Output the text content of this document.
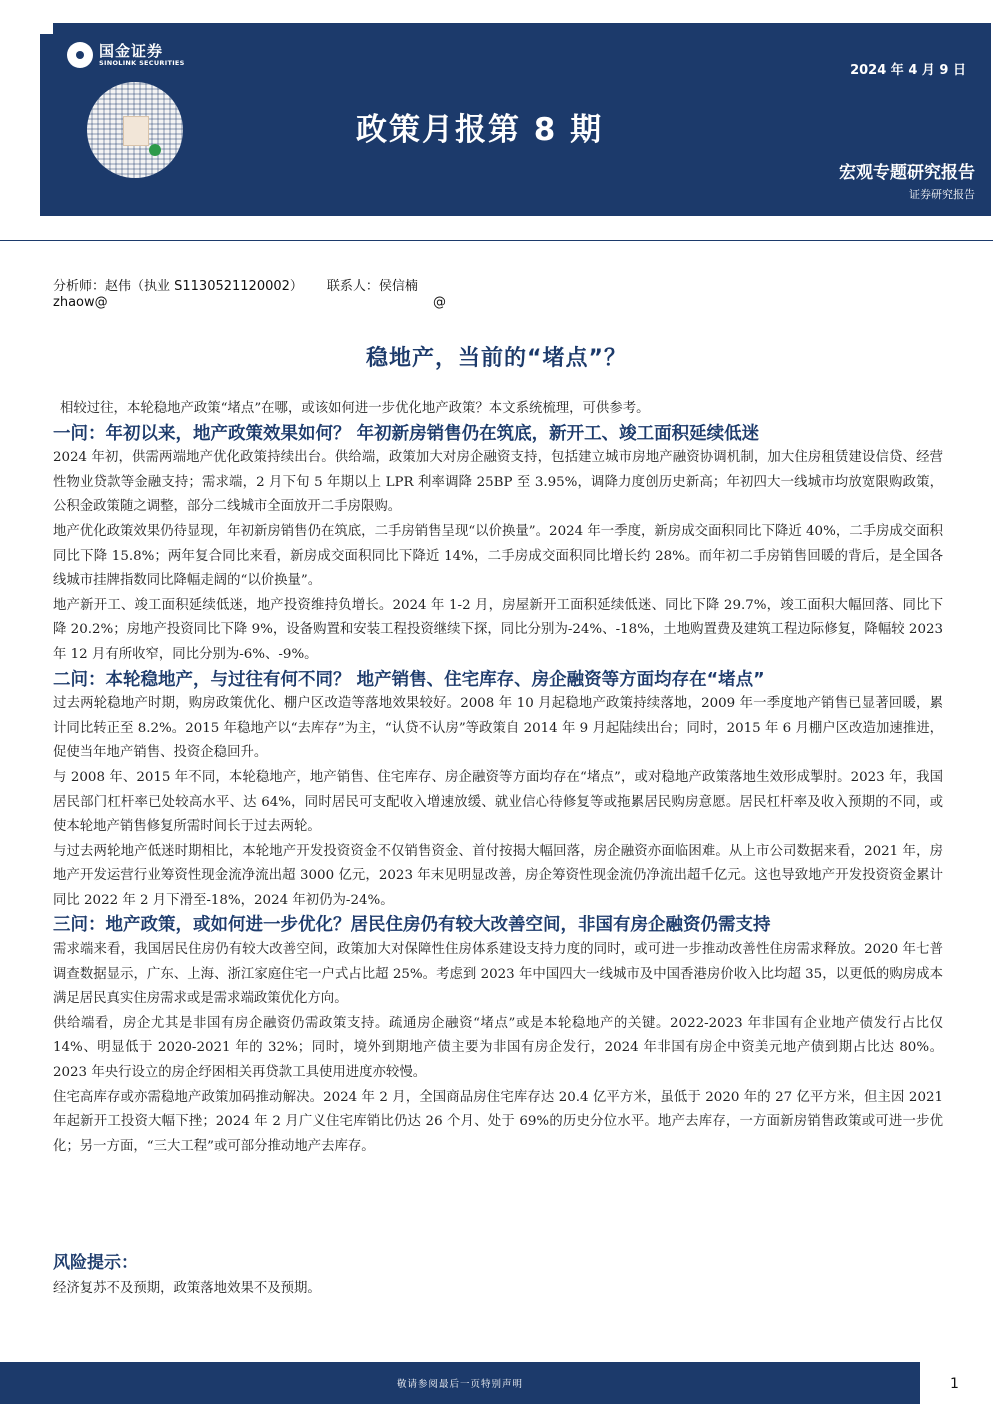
国金证券
SINOLINK SECURITIES	2024 年 4 月 9 日
政策月报第 8 期
宏观专题研究报告
证券研究报告
分析师：赵伟（执业 S1130521120002） 联系人：侯信楠
zhaow@	@
稳地产，当前的“堵点”？

相较过往，本轮稳地产政策“堵点”在哪，或该如何进一步优化地产政策？本文系统梳理，可供参考。

一问：年初以来，地产政策效果如何？ 年初新房销售仍在筑底，新开工、竣工面积延续低迷

2024 年初，供需两端地产优化政策持续出台。供给端，政策加大对房企融资支持，包括建立城市房地产融资协调机制，加大住房租赁建设信贷、经营性物业贷款等金融支持；需求端，2 月下旬 5 年期以上 LPR 利率调降 25BP 至 3.95%，调降力度创历史新高；年初四大一线城市均放宽限购政策，公积金政策随之调整，部分二线城市全面放开二手房限购。

地产优化政策效果仍待显现，年初新房销售仍在筑底，二手房销售呈现“以价换量”。2024 年一季度，新房成交面积同比下降近 40%，二手房成交面积同比下降 15.8%；两年复合同比来看，新房成交面积同比下降近 14%，二手房成交面积同比增长约 28%。而年初二手房销售回暖的背后，是全国各线城市挂牌指数同比降幅走阔的“以价换量”。

地产新开工、竣工面积延续低迷，地产投资维持负增长。2024 年 1-2 月，房屋新开工面积延续低迷、同比下降 29.7%，竣工面积大幅回落、同比下降 20.2%；房地产投资同比下降 9%，设备购置和安装工程投资继续下探，同比分别为-24%、-18%，土地购置费及建筑工程边际修复，降幅较 2023 年 12 月有所收窄，同比分别为-6%、-9%。

二问：本轮稳地产，与过往有何不同？ 地产销售、住宅库存、房企融资等方面均存在“堵点”

过去两轮稳地产时期，购房政策优化、棚户区改造等落地效果较好。2008 年 10 月起稳地产政策持续落地，2009 年一季度地产销售已显著回暖，累计同比转正至 8.2%。2015 年稳地产以“去库存”为主，“认贷不认房”等政策自 2014 年 9 月起陆续出台；同时，2015 年 6 月棚户区改造加速推进，促使当年地产销售、投资企稳回升。

与 2008 年、2015 年不同，本轮稳地产，地产销售、住宅库存、房企融资等方面均存在“堵点”，或对稳地产政策落地生效形成掣肘。2023 年，我国居民部门杠杆率已处较高水平、达 64%，同时居民可支配收入增速放缓、就业信心待修复等或拖累居民购房意愿。居民杠杆率及收入预期的不同，或使本轮地产销售修复所需时间长于过去两轮。

与过去两轮地产低迷时期相比，本轮地产开发投资资金不仅销售资金、首付按揭大幅回落，房企融资亦面临困难。从上市公司数据来看，2021 年，房地产开发运营行业筹资性现金流净流出超 3000 亿元，2023 年末见明显改善，房企筹资性现金流仍净流出超千亿元。这也导致地产开发投资资金累计同比 2022 年 2 月下滑至-18%，2024 年初仍为-24%。

三问：地产政策，或如何进一步优化？居民住房仍有较大改善空间，非国有房企融资仍需支持

需求端来看，我国居民住房仍有较大改善空间，政策加大对保障性住房体系建设支持力度的同时，或可进一步推动改善性住房需求释放。2020 年七普调查数据显示，广东、上海、浙江家庭住宅一户式占比超 25%。考虑到 2023 年中国四大一线城市及中国香港房价收入比均超 35，以更低的购房成本满足居民真实住房需求或是需求端政策优化方向。

供给端看，房企尤其是非国有房企融资仍需政策支持。疏通房企融资“堵点”或是本轮稳地产的关键。2022-2023 年非国有企业地产债发行占比仅 14%、明显低于 2020-2021 年的 32%；同时，境外到期地产债主要为非国有房企发行，2024 年非国有房企中资美元地产债到期占比达 80%。2023 年央行设立的房企纾困相关再贷款工具使用进度亦较慢。

住宅高库存或亦需稳地产政策加码推动解决。2024 年 2 月，全国商品房住宅库存达 20.4 亿平方米，虽低于 2020 年的 27 亿平方米，但主因 2021 年起新开工投资大幅下挫；2024 年 2 月广义住宅库销比仍达 26 个月、处于 69%的历史分位水平。地产去库存，一方面新房销售政策或可进一步优化；另一方面，“三大工程”或可部分推动地产去库存。

风险提示：
经济复苏不及预期，政策落地效果不及预期。
敬请参阅最后一页特别声明	1
